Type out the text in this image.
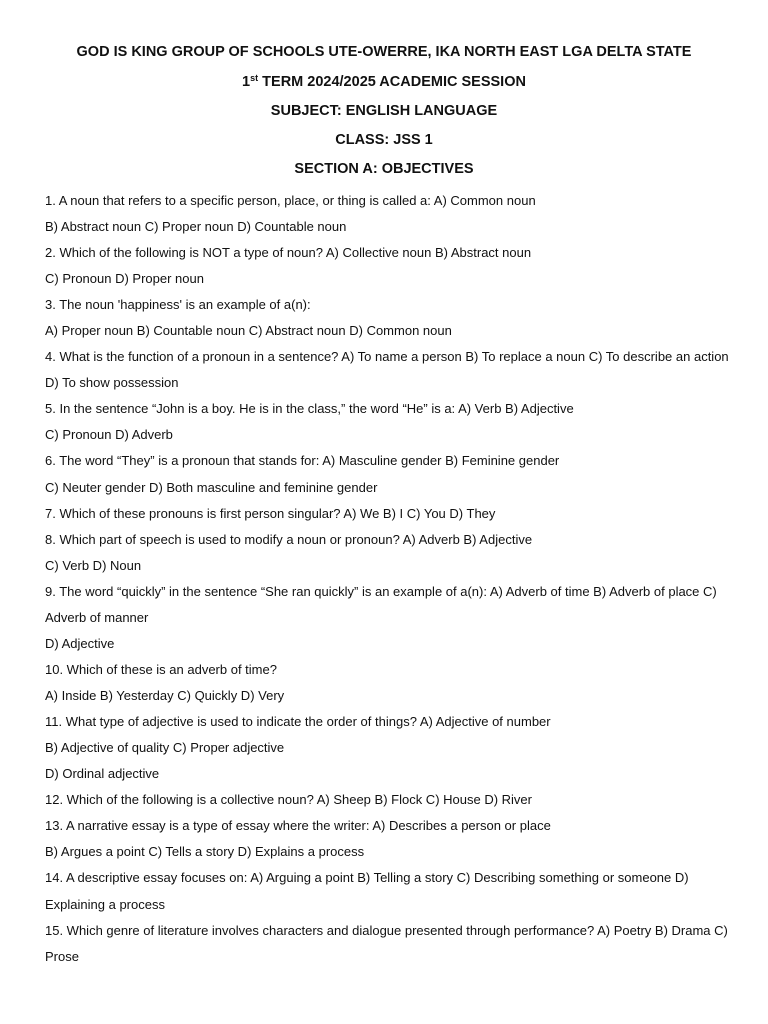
GOD IS KING GROUP OF SCHOOLS UTE-OWERRE, IKA NORTH EAST LGA DELTA STATE
1st TERM 2024/2025 ACADEMIC SESSION
SUBJECT: ENGLISH LANGUAGE
CLASS: JSS 1
SECTION A: OBJECTIVES
1. A noun that refers to a specific person, place, or thing is called a: A) Common noun
B) Abstract noun C) Proper noun D) Countable noun
2. Which of the following is NOT a type of noun? A) Collective noun B) Abstract noun
C) Pronoun D) Proper noun
3. The noun 'happiness' is an example of a(n):
A) Proper noun B) Countable noun C) Abstract noun D) Common noun
4. What is the function of a pronoun in a sentence? A) To name a person B) To replace a noun C) To describe an action
D) To show possession
5. In the sentence “John is a boy. He is in the class,” the word “He” is a: A) Verb B) Adjective
C) Pronoun D) Adverb
6. The word “They” is a pronoun that stands for: A) Masculine gender B) Feminine gender
C) Neuter gender D) Both masculine and feminine gender
7. Which of these pronouns is first person singular? A) We B) I C) You D) They
8. Which part of speech is used to modify a noun or pronoun? A) Adverb B) Adjective
C) Verb D) Noun
9. The word “quickly” in the sentence “She ran quickly” is an example of a(n): A) Adverb of time B) Adverb of place C)
Adverb of manner
D) Adjective
10. Which of these is an adverb of time?
A) Inside B) Yesterday C) Quickly D) Very
11. What type of adjective is used to indicate the order of things? A) Adjective of number
B) Adjective of quality C) Proper adjective
D) Ordinal adjective
12. Which of the following is a collective noun? A) Sheep B) Flock C) House D) River
13. A narrative essay is a type of essay where the writer: A) Describes a person or place
B) Argues a point C) Tells a story D) Explains a process
14. A descriptive essay focuses on: A) Arguing a point B) Telling a story C) Describing something or someone D)
Explaining a process
15. Which genre of literature involves characters and dialogue presented through performance? A) Poetry B) Drama C)
Prose
